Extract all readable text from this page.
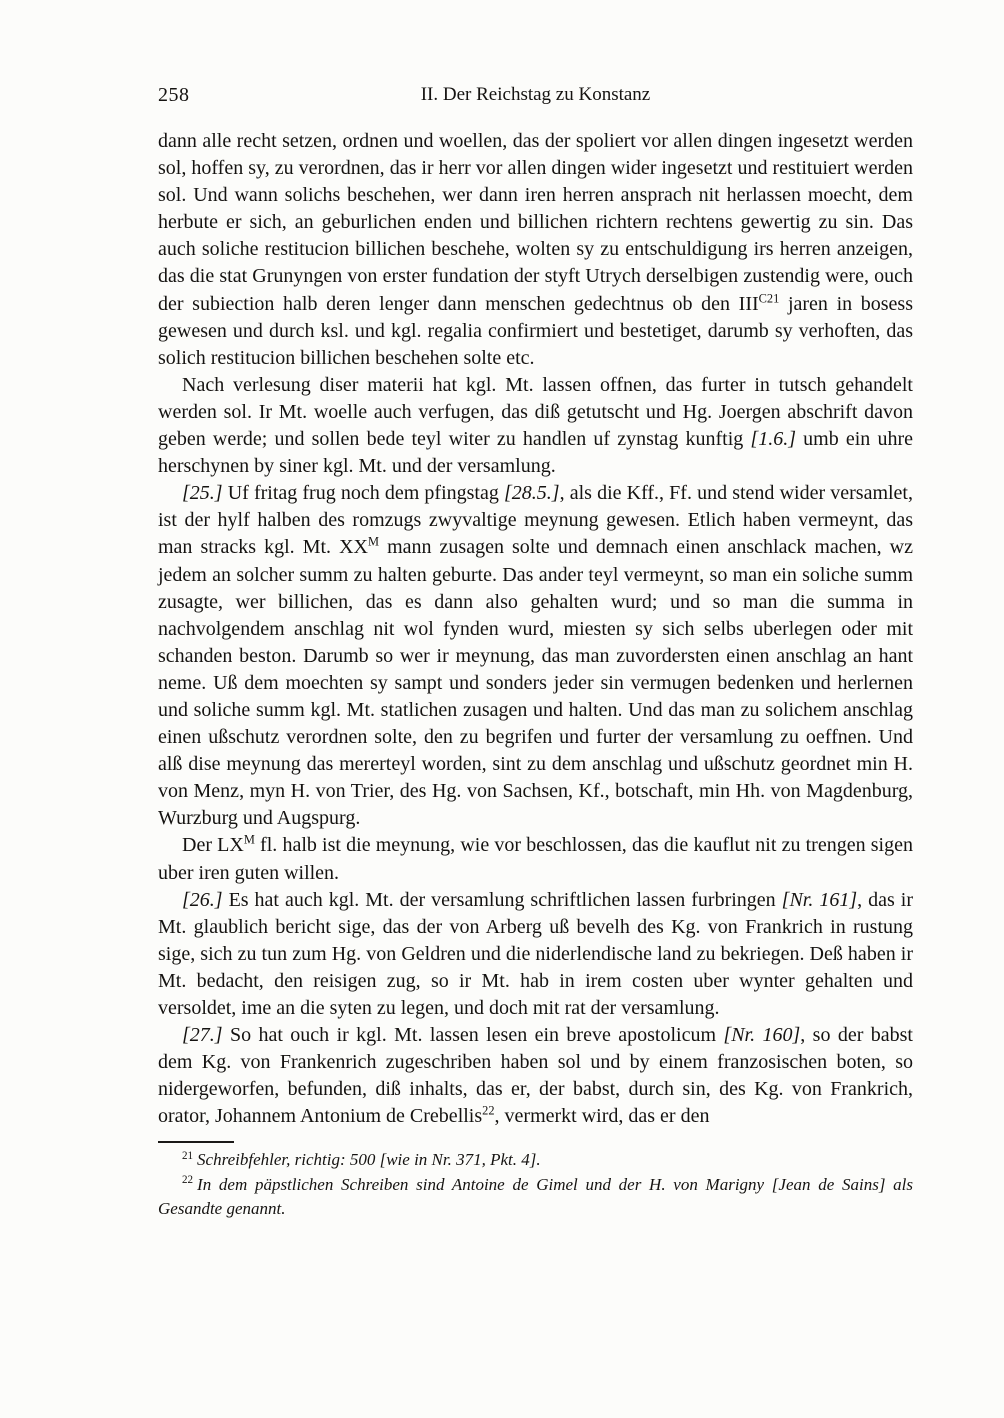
258	II. Der Reichstag zu Konstanz

dann alle recht setzen, ordnen und woellen, das der spoliert vor allen dingen ingesetzt werden sol, hoffen sy, zu verordnen, das ir herr vor allen dingen wider ingesetzt und restituiert werden sol. Und wann solichs beschehen, wer dann iren herren ansprach nit herlassen moecht, dem herbute er sich, an geburlichen enden und billichen richtern rechtens gewertig zu sin. Das auch soliche restitucion billichen beschehe, wolten sy zu entschuldigung irs herren anzeigen, das die stat Grunyngen von erster fundation der styft Utrych derselbigen zustendig were, ouch der subiection halb deren lenger dann menschen gedechtnus ob den $III^{C21}$ jaren in bosess gewesen und durch ksl. und kgl. regalia confirmiert und bestetiget, darumb sy verhoften, das solich restitucion billichen beschehen solte etc.

Nach verlesung diser materii hat kgl. Mt. lassen offnen, das furter in tutsch gehandelt werden sol. Ir Mt. woelle auch verfugen, das diß getutscht und Hg. Joergen abschrift davon geben werde; und sollen bede teyl witer zu handlen uf zynstag kunftig [1.6.] umb ein uhre herschynen by siner kgl. Mt. und der versamlung.

[25.] Uf fritag frug noch dem pfingstag [28.5.], als die Kff., Ff. und stend wider versamlet, ist der hylf halben des romzugs zwyvaltige meynung gewesen. Etlich haben vermeynt, das man stracks kgl. Mt. $XX^M$ mann zusagen solte und demnach einen anschlack machen, wz jedem an solcher summ zu halten geburte. Das ander teyl vermeynt, so man ein soliche summ zusagte, wer billichen, das es dann also gehalten wurd; und so man die summa in nachvolgendem anschlag nit wol fynden wurd, miesten sy sich selbs uberlegen oder mit schanden beston. Darumb so wer ir meynung, das man zuvordersten einen anschlag an hant neme. Uß dem moechten sy sampt und sonders jeder sin vermugen bedenken und herlernen und soliche summ kgl. Mt. statlichen zusagen und halten. Und das man zu solichem anschlag einen ußschutz verordnen solte, den zu begrifen und furter der versamlung zu oeffnen. Und alß dise meynung das mererteyl worden, sint zu dem anschlag und ußschutz geordnet min H. von Menz, myn H. von Trier, des Hg. von Sachsen, Kf., botschaft, min Hh. von Magdenburg, Wurzburg und Augspurg.

Der $LX^M$ fl. halb ist die meynung, wie vor beschlossen, das die kauflut nit zu trengen sigen uber iren guten willen.

[26.] Es hat auch kgl. Mt. der versamlung schriftlichen lassen furbringen [Nr. 161], das ir Mt. glaublich bericht sige, das der von Arberg uß bevelh des Kg. von Frankrich in rustung sige, sich zu tun zum Hg. von Geldren und die niderlendische land zu bekriegen. Deß haben ir Mt. bedacht, den reisigen zug, so ir Mt. hab in irem costen uber wynter gehalten und versoldet, ime an die syten zu legen, und doch mit rat der versamlung.

[27.] So hat ouch ir kgl. Mt. lassen lesen ein breve apostolicum [Nr. 160], so der babst dem Kg. von Frankenrich zugeschriben haben sol und by einem franzosischen boten, so nidergeworfen, befunden, diß inhalts, das er, der babst, durch sin, des Kg. von Frankrich, orator, Johannem Antonium de Crebellis$^{22}$, vermerkt wird, das er den

$^{21}$ Schreibfehler, richtig: 500 [wie in Nr. 371, Pkt. 4].

$^{22}$ In dem päpstlichen Schreiben sind Antoine de Gimel und der H. von Marigny [Jean de Sains] als Gesandte genannt.
